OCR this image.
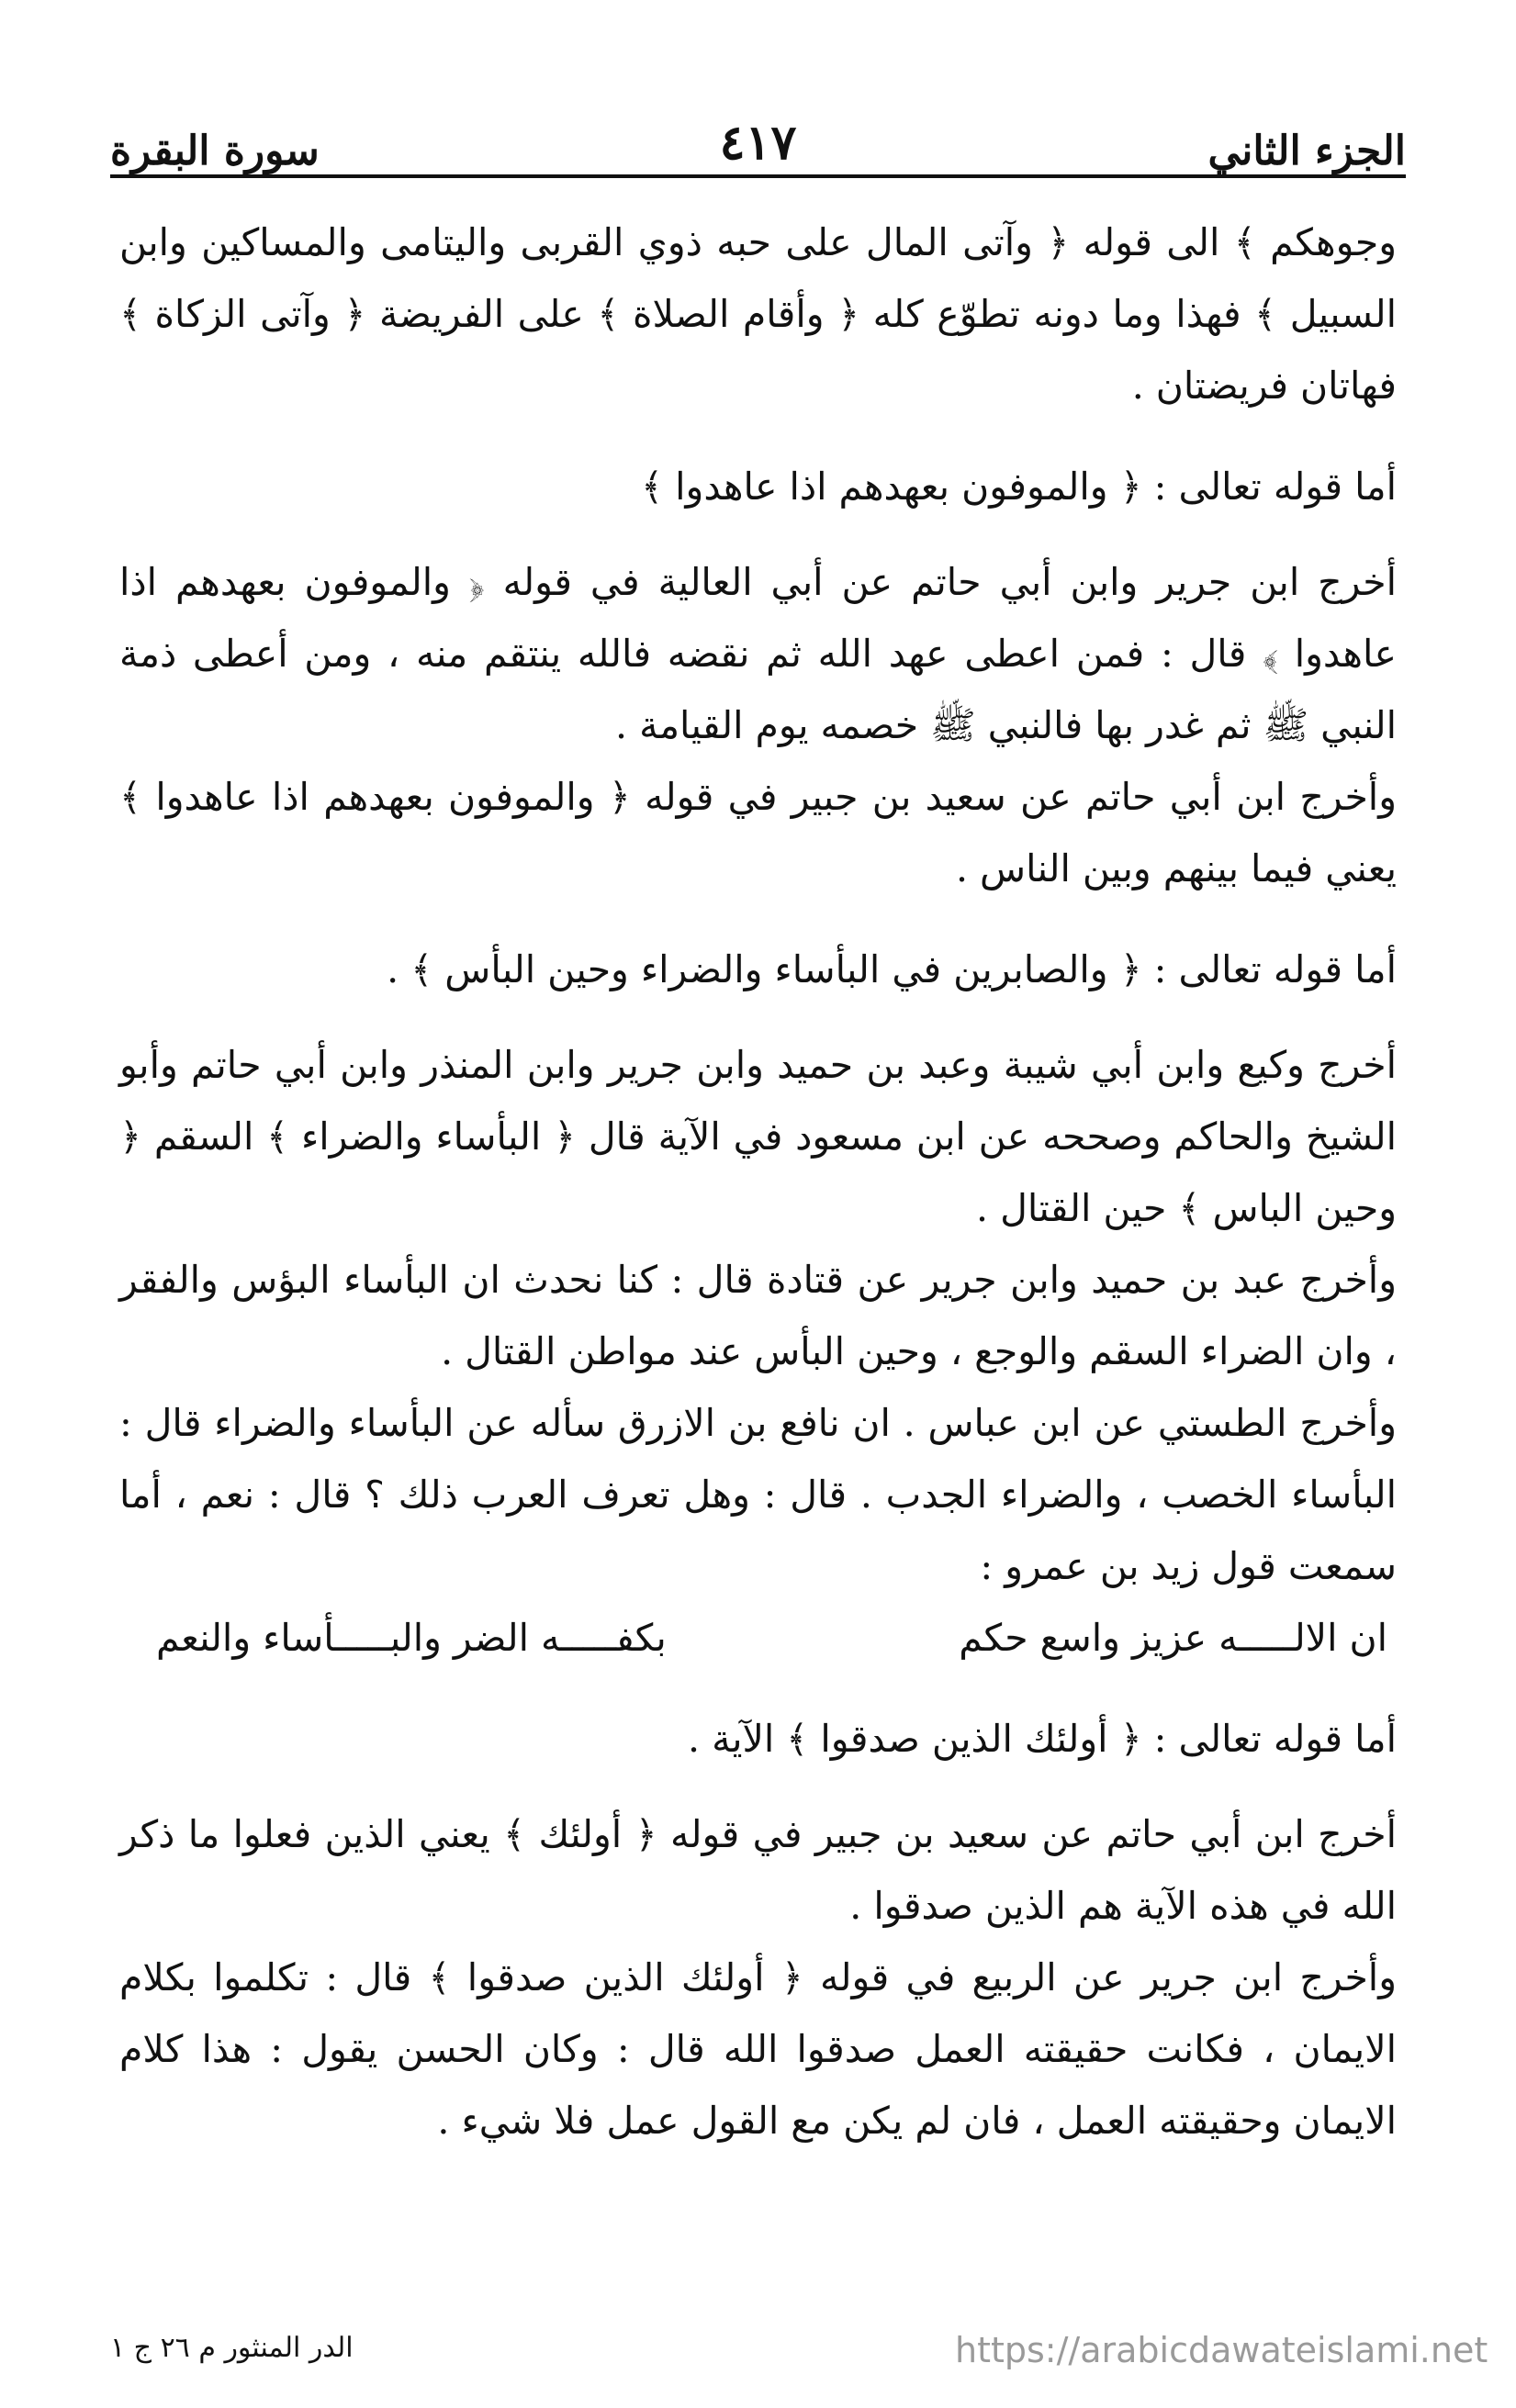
الجزء الثاني
٤١٧
سورة البقرة

وجوهكم ﴾ الى قوله ﴿ وآتى المال على حبه ذوي القربى واليتامى والمساكين وابن السبيل ﴾ فهذا وما دونه تطوّع كله ﴿ وأقام الصلاة ﴾ على الفريضة ﴿ وآتى الزكاة ﴾ فهاتان فريضتان .

أما قوله تعالى : ﴿ والموفون بعهدهم اذا عاهدوا ﴾

أخرج ابن جرير وابن أبي حاتم عن أبي العالية في قوله ﴿ والموفون بعهدهم اذا عاهدوا ﴾ قال : فمن اعطى عهد الله ثم نقضه فالله ينتقم منه ، ومن أعطى ذمة النبي ﷺ ثم غدر بها فالنبي ﷺ خصمه يوم القيامة .

وأخرج ابن أبي حاتم عن سعيد بن جبير في قوله ﴿ والموفون بعهدهم اذا عاهدوا ﴾يعني فيما بينهم وبين الناس .

أما قوله تعالى : ﴿ والصابرين في البأساء والضراء وحين البأس ﴾ .

أخرج وكيع وابن أبي شيبة وعبد بن حميد وابن جرير وابن المنذر وابن أبي حاتم وأبو الشيخ والحاكم وصححه عن ابن مسعود في الآية قال ﴿ البأساء والضراء ﴾ السقم ﴿ وحين الباس ﴾ حين القتال .

وأخرج عبد بن حميد وابن جرير عن قتادة قال : كنا نحدث ان البأساء البؤس والفقر ، وان الضراء السقم والوجع ، وحين البأس عند مواطن القتال .

وأخرج الطستي عن ابن عباس . ان نافع بن الازرق سأله عن البأساء والضراء قال : البأساء الخصب ، والضراء الجدب . قال : وهل تعرف العرب ذلك ؟ قال : نعم ، أما سمعت قول زيد بن عمرو :

ان الالـــــه عزيز واسع حكم
بكفـــــه الضر والبـــــأساء والنعم

أما قوله تعالى : ﴿ أولئك الذين صدقوا ﴾ الآية .

أخرج ابن أبي حاتم عن سعيد بن جبير في قوله ﴿ أولئك ﴾ يعني الذين فعلوا ما ذكر الله في هذه الآية هم الذين صدقوا .

وأخرج ابن جرير عن الربيع في قوله ﴿ أولئك الذين صدقوا ﴾ قال : تكلموا بكلام الايمان ، فكانت حقيقته العمل صدقوا الله قال : وكان الحسن يقول : هذا كلام الايمان وحقيقته العمل ، فان لم يكن مع القول عمل فلا شيء .

الدر المنثور م ٢٦ ج ١	https://arabicdawateislami.net
